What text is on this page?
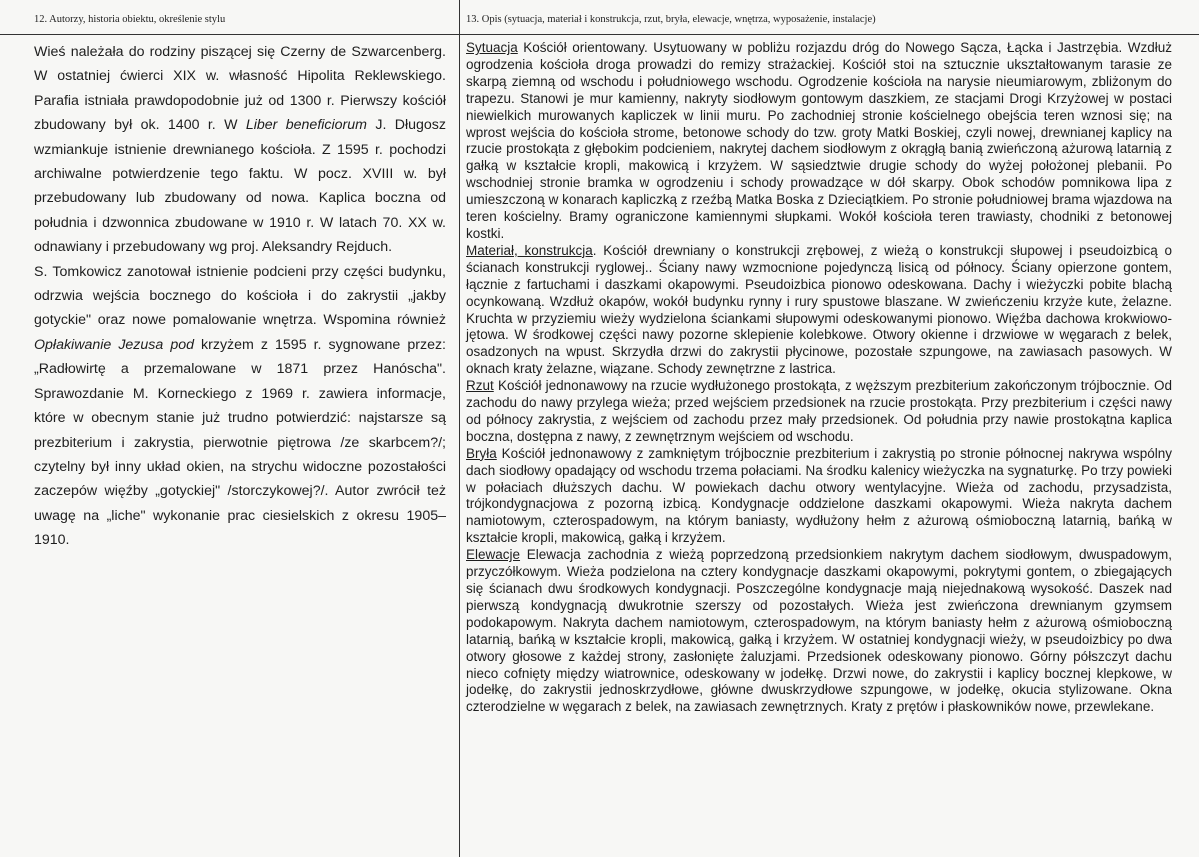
12. Autorzy, historia obiektu, określenie stylu	13. Opis (sytuacja, materiał i konstrukcja, rzut, bryła, elewacje, wnętrza, wyposażenie, instalacje)

Wieś należała do rodziny piszącej się Czerny de Szwarcenberg. W ostatniej ćwierci XIX w. własność Hipolita Reklewskiego. Parafia istniała prawdopodobnie już od 1300 r. Pierwszy kościół zbudowany był ok. 1400 r. W Liber beneficiorum J. Długosz wzmiankuje istnienie drewnianego kościoła. Z 1595 r. pochodzi archiwalne potwierdzenie tego faktu. W pocz. XVIII w. był przebudowany lub zbudowany od nowa. Kaplica boczna od południa i dzwonnica zbudowane w 1910 r. W latach 70. XX w. odnawiany i przebudowany wg proj. Aleksandry Rejduch.

S. Tomkowicz zanotował istnienie podcieni przy części budynku, odrzwia wejścia bocznego do kościoła i do zakrystii „jakby gotyckie" oraz nowe pomalowanie wnętrza. Wspomina również Opłakiwanie Jezusa pod krzyżem z 1595 r. sygnowane przez: „Radłowirtę a przemalowane w 1871 przez Hanóscha". Sprawozdanie M. Korneckiego z 1969 r. zawiera informacje, które w obecnym stanie już trudno potwierdzić: najstarsze są prezbiterium i zakrystia, pierwotnie piętrowa /ze skarbcem?/; czytelny był inny układ okien, na strychu widoczne pozostałości zaczepów więźby „gotyckiej" /storczykowej?/. Autor zwrócił też uwagę na „liche" wykonanie prac ciesielskich z okresu 1905–1910.

Sytuacja Kościół orientowany. Usytuowany w pobliżu rozjazdu dróg do Nowego Sącza, Łącka i Jastrzębia. Wzdłuż ogrodzenia kościoła droga prowadzi do remizy strażackiej. Kościół stoi na sztucznie ukształtowanym tarasie ze skarpą ziemną od wschodu i południowego wschodu. Ogrodzenie kościoła na narysie nieumiarowym, zbliżonym do trapezu. Stanowi je mur kamienny, nakryty siodłowym gontowym daszkiem, ze stacjami Drogi Krzyżowej w postaci niewielkich murowanych kapliczek w linii muru. Po zachodniej stronie kościelnego obejścia teren wznosi się; na wprost wejścia do kościoła strome, betonowe schody do tzw. groty Matki Boskiej, czyli nowej, drewnianej kaplicy na rzucie prostokąta z głębokim podcieniem, nakrytej dachem siodłowym z okrągłą banią zwieńczoną ażurową latarnią z gałką w kształcie kropli, makowicą i krzyżem. W sąsiedztwie drugie schody do wyżej położonej plebanii. Po wschodniej stronie bramka w ogrodzeniu i schody prowadzące w dół skarpy. Obok schodów pomnikowa lipa z umieszczoną w konarach kapliczką z rzeźbą Matka Boska z Dzieciątkiem. Po stronie południowej brama wjazdowa na teren kościelny. Bramy ograniczone kamiennymi słupkami. Wokół kościoła teren trawiasty, chodniki z betonowej kostki.

Materiał, konstrukcja. Kościół drewniany o konstrukcji zrębowej, z wieżą o konstrukcji słupowej i pseudoizbicą o ścianach konstrukcji ryglowej.. Ściany nawy wzmocnione pojedynczą lisicą od północy. Ściany opierzone gontem, łącznie z fartuchami i daszkami okapowymi. Pseudoizbica pionowo odeskowana. Dachy i wieżyczki pobite blachą ocynkowaną. Wzdłuż okapów, wokół budynku rynny i rury spustowe blaszane. W zwieńczeniu krzyże kute, żelazne. Kruchta w przyziemiu wieży wydzielona ściankami słupowymi odeskowanymi pionowo. Więźba dachowa krokwiowo-jętowa. W środkowej części nawy pozorne sklepienie kolebkowe. Otwory okienne i drzwiowe w węgarach z belek, osadzonych na wpust. Skrzydła drzwi do zakrystii płycinowe, pozostałe szpungowe, na zawiasach pasowych. W oknach kraty żelazne, wiązane. Schody zewnętrzne z lastrica.

Rzut Kościół jednonawowy na rzucie wydłużonego prostokąta, z węższym prezbiterium zakończonym trójbocznie. Od zachodu do nawy przylega wieża; przed wejściem przedsionek na rzucie prostokąta. Przy prezbiterium i części nawy od północy zakrystia, z wejściem od zachodu przez mały przedsionek. Od południa przy nawie prostokątna kaplica boczna, dostępna z nawy, z zewnętrznym wejściem od wschodu.

Bryła Kościół jednonawowy z zamkniętym trójbocznie prezbiterium i zakrystią po stronie północnej nakrywa wspólny dach siodłowy opadający od wschodu trzema połaciami. Na środku kalenicy wieżyczka na sygnaturkę. Po trzy powieki w połaciach dłuższych dachu. W powiekach dachu otwory wentylacyjne. Wieża od zachodu, przysadzista, trójkondygnacjowa z pozorną izbicą. Kondygnacje oddzielone daszkami okapowymi. Wieża nakryta dachem namiotowym, czterospadowym, na którym baniasty, wydłużony hełm z ażurową ośmioboczną latarnią, bańką w kształcie kropli, makowicą, gałką i krzyżem.

Elewacje Elewacja zachodnia z wieżą poprzedzoną przedsionkiem nakrytym dachem siodłowym, dwuspadowym, przyczółkowym. Wieża podzielona na cztery kondygnacje daszkami okapowymi, pokrytymi gontem, o zbiegających się ścianach dwu środkowych kondygnacji. Poszczególne kondygnacje mają niejednakową wysokość. Daszek nad pierwszą kondygnacją dwukrotnie szerszy od pozostałych. Wieża jest zwieńczona drewnianym gzymsem podokapowym. Nakryta dachem namiotowym, czterospadowym, na którym baniasty hełm z ażurową ośmioboczną latarnią, bańką w kształcie kropli, makowicą, gałką i krzyżem. W ostatniej kondygnacji wieży, w pseudoizbicy po dwa otwory głosowe z każdej strony, zasłonięte żaluzjami. Przedsionek odeskowany pionowo. Górny półszczyt dachu nieco cofnięty między wiatrownice, odeskowany w jodełkę. Drzwi nowe, do zakrystii i kaplicy bocznej klepkowe, w jodełkę, do zakrystii jednoskrzydłowe, główne dwuskrzydłowe szpungowe, w jodełkę, okucia stylizowane. Okna czterodzielne w węgarach z belek, na zawiasach zewnętrznych. Kraty z prętów i płaskowników nowe, przewlekane.
